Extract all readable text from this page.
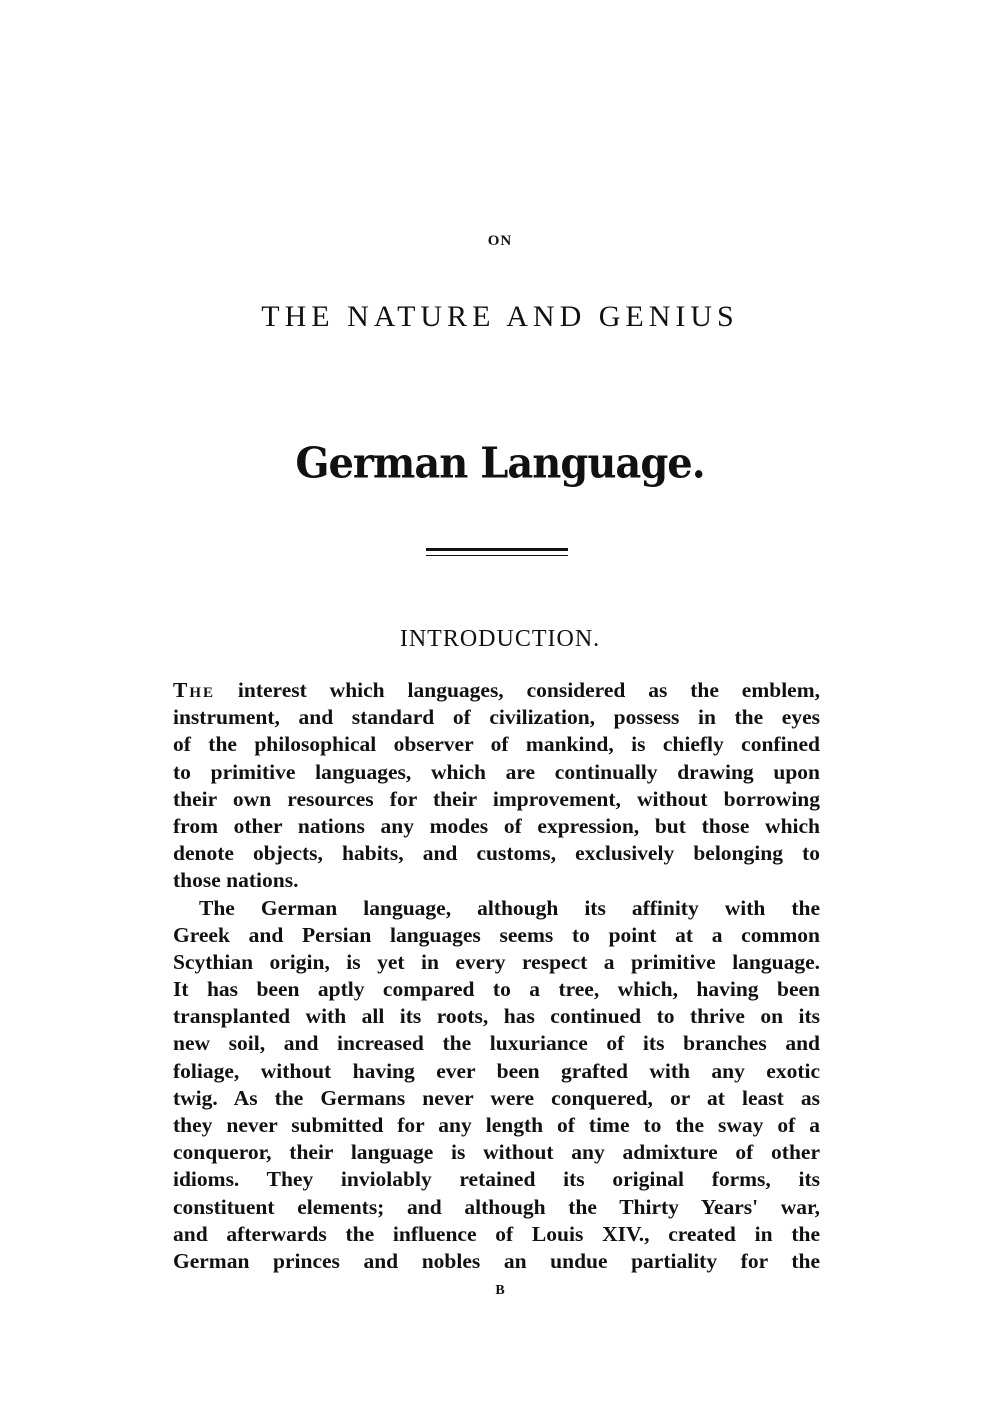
ON
THE NATURE AND GENIUS
German Language.
INTRODUCTION.
The interest which languages, considered as the emblem,
instrument, and standard of civilization, possess in the eyes
of the philosophical observer of mankind, is chiefly confined
to primitive languages, which are continually drawing upon
their own resources for their improvement, without borrowing
from other nations any modes of expression, but those which
denote objects, habits, and customs, exclusively belonging to
those nations.
The German language, although its affinity with the
Greek and Persian languages seems to point at a common
Scythian origin, is yet in every respect a primitive language.
It has been aptly compared to a tree, which, having been
transplanted with all its roots, has continued to thrive on its
new soil, and increased the luxuriance of its branches and
foliage, without having ever been grafted with any exotic
twig. As the Germans never were conquered, or at least as
they never submitted for any length of time to the sway of a
conqueror, their language is without any admixture of other
idioms. They inviolably retained its original forms, its
constituent elements; and although the Thirty Years' war,
and afterwards the influence of Louis XIV., created in the
German princes and nobles an undue partiality for the
B
